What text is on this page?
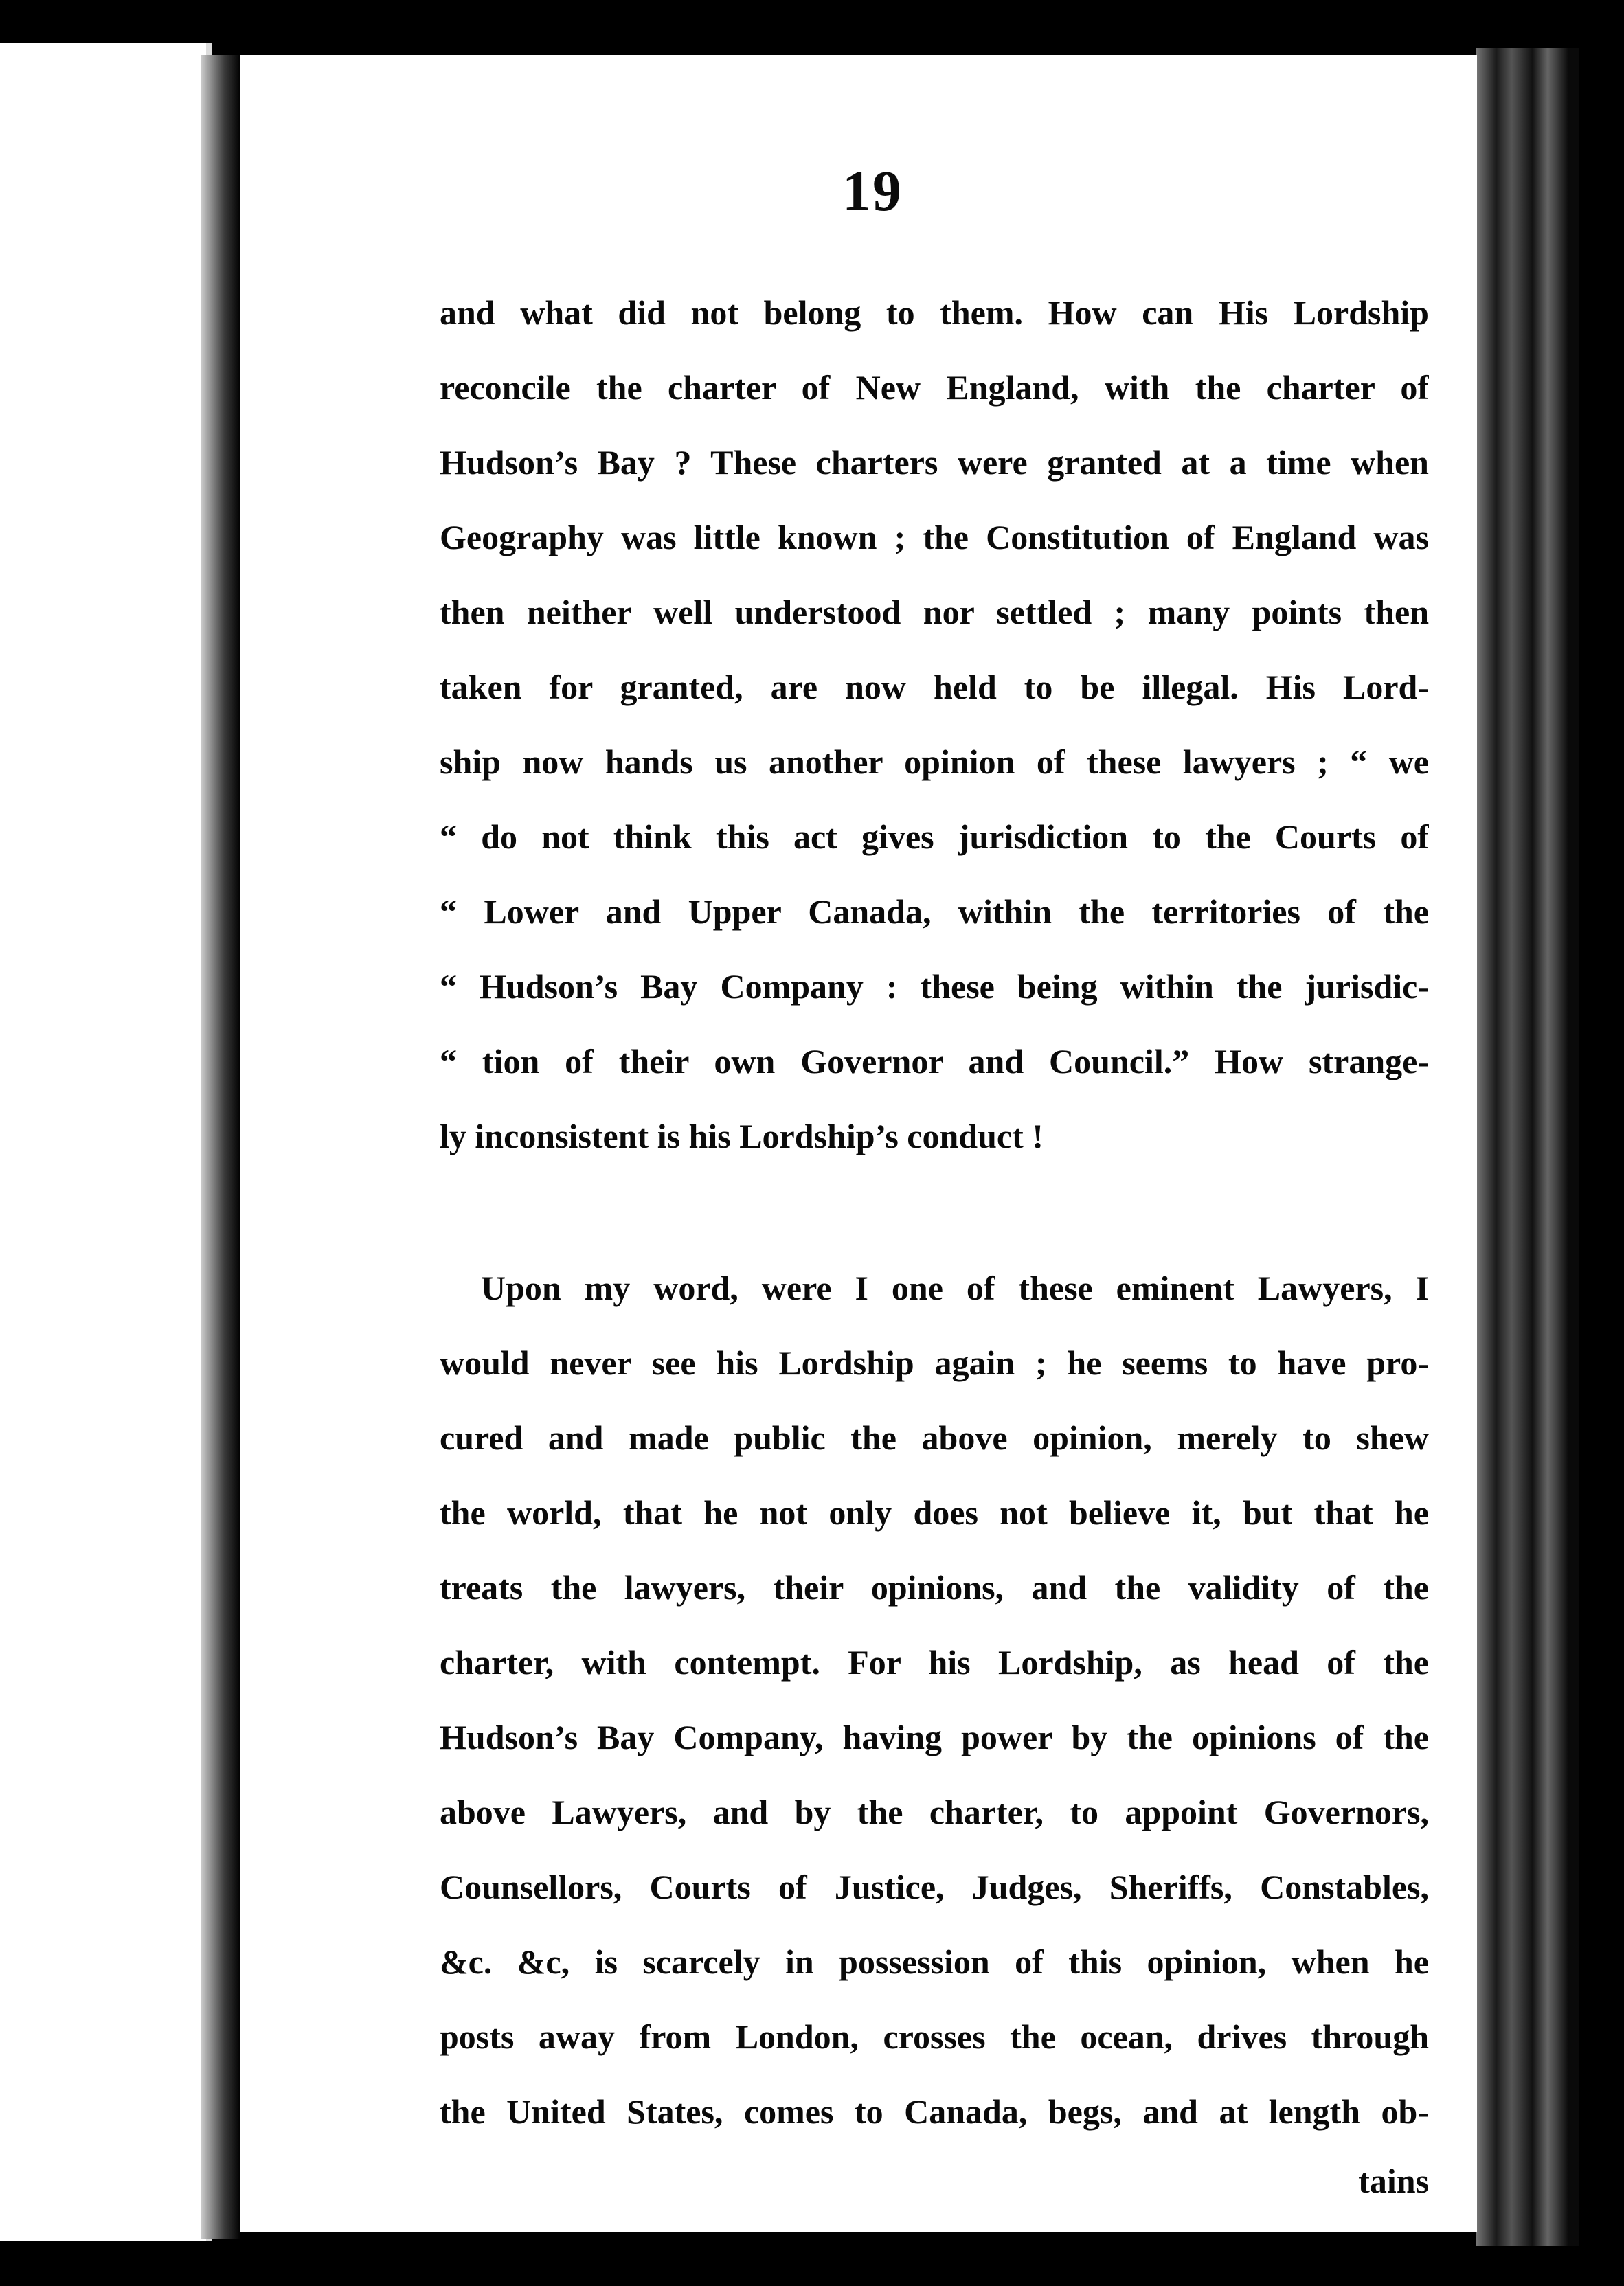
19
and what did not belong to them. How can His Lordship
reconcile the charter of New England, with the charter of
Hudson’s Bay ? These charters were granted at a time when
Geography was little known ; the Constitution of England was
then neither well understood nor settled ; many points then
taken for granted, are now held to be illegal. His Lord-
ship now hands us another opinion of these lawyers ; “ we
“ do not think this act gives jurisdiction to the Courts of
“ Lower and Upper Canada, within the territories of the
“ Hudson’s Bay Company : these being within the jurisdic-
“ tion of their own Governor and Council.” How strange-
ly inconsistent is his Lordship’s conduct !
Upon my word, were I one of these eminent Lawyers, I
would never see his Lordship again ; he seems to have pro-
cured and made public the above opinion, merely to shew
the world, that he not only does not believe it, but that he
treats the lawyers, their opinions, and the validity of the
charter, with contempt. For his Lordship, as head of the
Hudson’s Bay Company, having power by the opinions of the
above Lawyers, and by the charter, to appoint Governors,
Counsellors, Courts of Justice, Judges, Sheriffs, Constables,
&c. &c, is scarcely in possession of this opinion, when he
posts away from London, crosses the ocean, drives through
the United States, comes to Canada, begs, and at length ob-
tains
